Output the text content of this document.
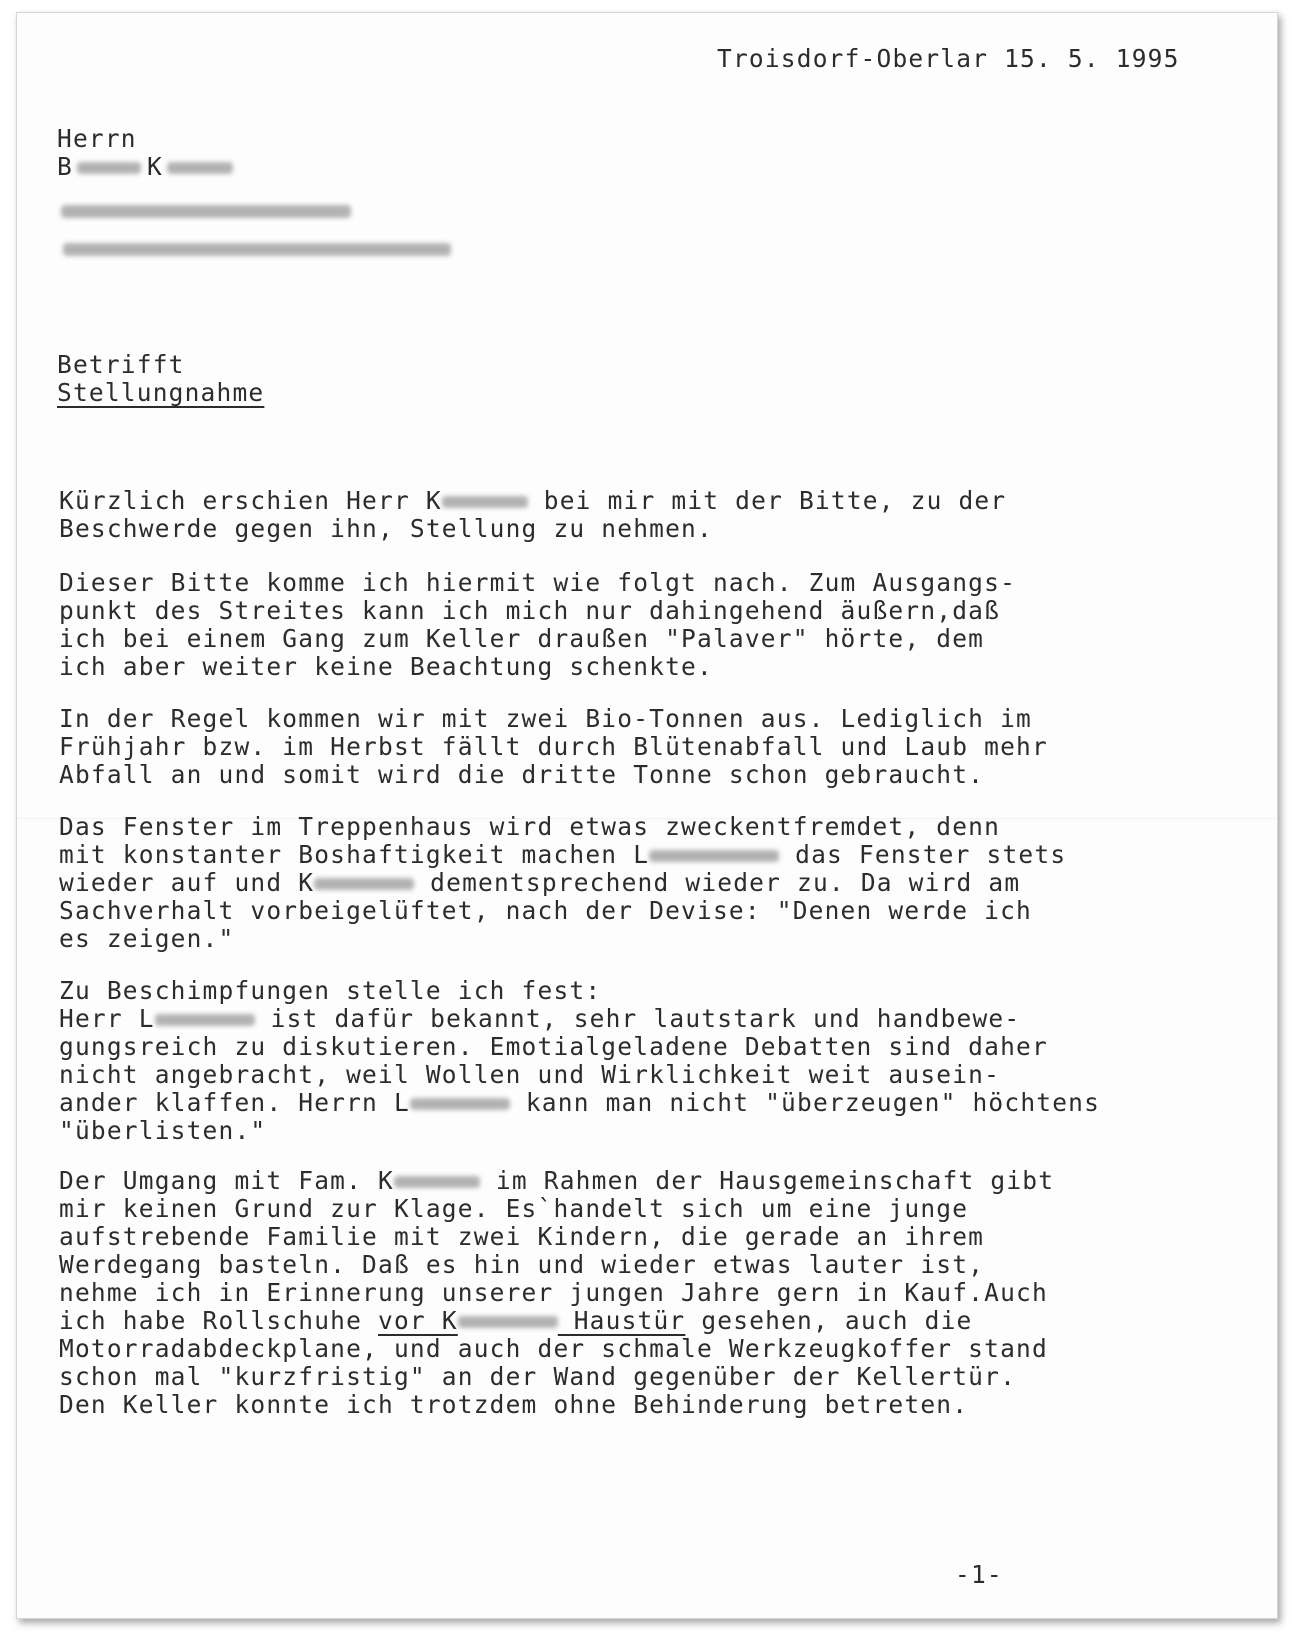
Troisdorf-Oberlar 15. 5. 1995
Herrn
B	K
Betrifft
Stellungnahme
Kürzlich erschien Herr K	bei mir mit der Bitte, zu der
Beschwerde gegen ihn, Stellung zu nehmen.
Dieser Bitte komme ich hiermit wie folgt nach. Zum Ausgangs-
punkt des Streites kann ich mich nur dahingehend äußern,daß
ich bei einem Gang zum Keller draußen "Palaver" hörte, dem
ich aber weiter keine Beachtung schenkte.
In der Regel kommen wir mit zwei Bio-Tonnen aus. Lediglich im
Frühjahr bzw. im Herbst fällt durch Blütenabfall und Laub mehr
Abfall an und somit wird die dritte Tonne schon gebraucht.
Das Fenster im Treppenhaus wird etwas zweckentfremdet, denn
mit konstanter Boshaftigkeit machen L	das Fenster stets
wieder auf und K	dementsprechend wieder zu. Da wird am
Sachverhalt vorbeigelüftet, nach der Devise: "Denen werde ich
es zeigen."
Zu Beschimpfungen stelle ich fest:
Herr L	ist dafür bekannt, sehr lautstark und handbewe-
gungsreich zu diskutieren. Emotialgeladene Debatten sind daher
nicht angebracht, weil Wollen und Wirklichkeit weit ausein-
ander klaffen. Herrn L	kann man nicht "überzeugen" höchtens
"überlisten."
Der Umgang mit Fam. K	im Rahmen der Hausgemeinschaft gibt
mir keinen Grund zur Klage. Es`handelt sich um eine junge
aufstrebende Familie mit zwei Kindern, die gerade an ihrem
Werdegang basteln. Daß es hin und wieder etwas lauter ist,
nehme ich in Erinnerung unserer jungen Jahre gern in Kauf.Auch
ich habe Rollschuhe vor K	Haustür gesehen, auch die
Motorradabdeckplane, und auch der schmale Werkzeugkoffer stand
schon mal "kurzfristig" an der Wand gegenüber der Kellertür.
Den Keller konnte ich trotzdem ohne Behinderung betreten.
-1-
